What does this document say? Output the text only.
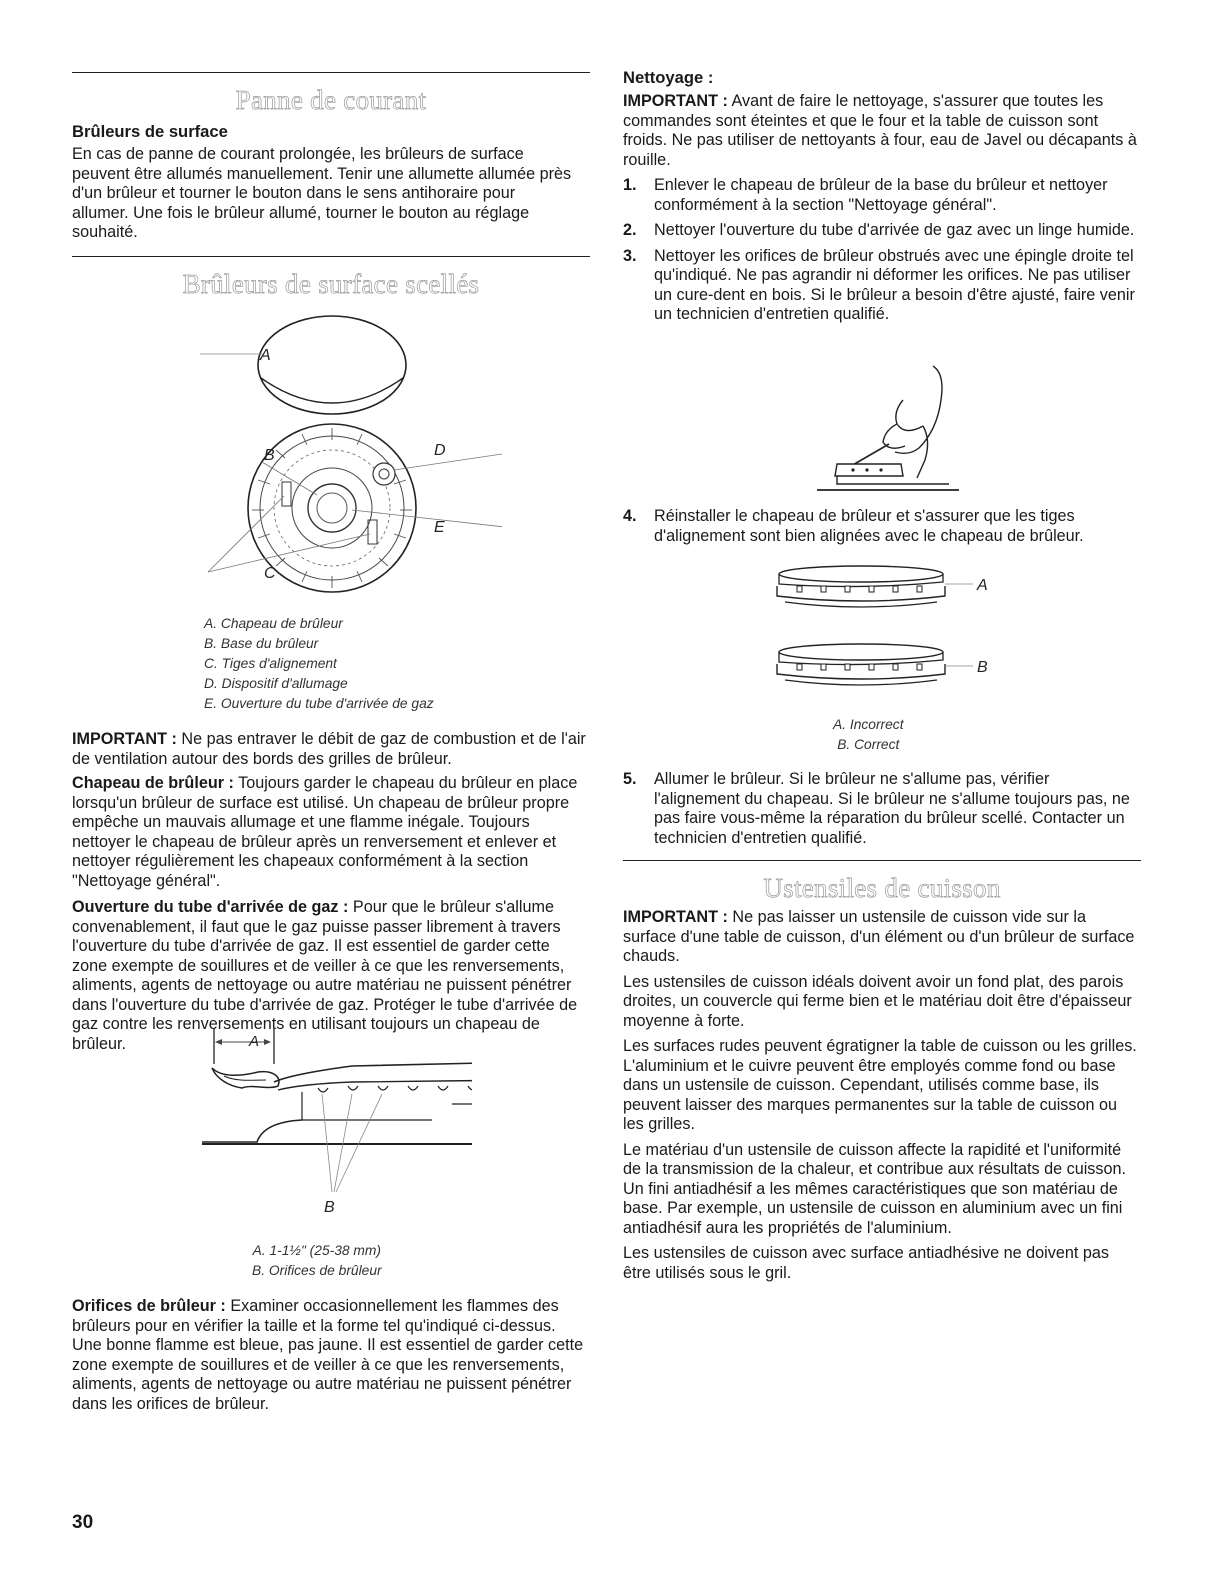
Panne de courant

Brûleurs de surface

En cas de panne de courant prolongée, les brûleurs de surface peuvent être allumés manuellement. Tenir une allumette allumée près d'un brûleur et tourner le bouton dans le sens antihoraire pour allumer. Une fois le brûleur allumé, tourner le bouton au réglage souhaité.

Brûleurs de surface scellés
A
B
C
D
E
A. Chapeau de brûleur
B. Base du brûleur
C. Tiges d'alignement
D. Dispositif d'allumage
E. Ouverture du tube d'arrivée de gaz

IMPORTANT : Ne pas entraver le débit de gaz de combustion et de l'air de ventilation autour des bords des grilles de brûleur.

Chapeau de brûleur : Toujours garder le chapeau du brûleur en place lorsqu'un brûleur de surface est utilisé. Un chapeau de brûleur propre empêche un mauvais allumage et une flamme inégale. Toujours nettoyer le chapeau de brûleur après un renversement et enlever et nettoyer régulièrement les chapeaux conformément à la section "Nettoyage général".

Ouverture du tube d'arrivée de gaz : Pour que le brûleur s'allume convenablement, il faut que le gaz puisse passer librement à travers l'ouverture du tube d'arrivée de gaz. Il est essentiel de garder cette zone exempte de souillures et de veiller à ce que les renversements, aliments, agents de nettoyage ou autre matériau ne puissent pénétrer dans l'ouverture du tube d'arrivée de gaz. Protéger le tube d'arrivée de gaz contre les renversements en utilisant toujours un chapeau de brûleur.	A
B
A. 1-1½" (25-38 mm)
B. Orifices de brûleur

Orifices de brûleur : Examiner occasionnellement les flammes des brûleurs pour en vérifier la taille et la forme tel qu'indiqué ci-dessus. Une bonne flamme est bleue, pas jaune. Il est essentiel de garder cette zone exempte de souillures et de veiller à ce que les renversements, aliments, agents de nettoyage ou autre matériau ne puissent pénétrer dans les orifices de brûleur.

Nettoyage :

IMPORTANT : Avant de faire le nettoyage, s'assurer que toutes les commandes sont éteintes et que le four et la table de cuisson sont froids. Ne pas utiliser de nettoyants à four, eau de Javel ou décapants à rouille.

1. Enlever le chapeau de brûleur de la base du brûleur et nettoyer conformément à la section "Nettoyage général".

2. Nettoyer l'ouverture du tube d'arrivée de gaz avec un linge humide.

3. Nettoyer les orifices de brûleur obstrués avec une épingle droite tel qu'indiqué. Ne pas agrandir ni déformer les orifices. Ne pas utiliser un cure-dent en bois. Si le brûleur a besoin d'être ajusté, faire venir un technicien d'entretien qualifié.

4. Réinstaller le chapeau de brûleur et s'assurer que les tiges d'alignement sont bien alignées avec le chapeau de brûleur.

A
B
A. Incorrect
B. Correct

5. Allumer le brûleur. Si le brûleur ne s'allume pas, vérifier l'alignement du chapeau. Si le brûleur ne s'allume toujours pas, ne pas faire vous-même la réparation du brûleur scellé. Contacter un technicien d'entretien qualifié.

Ustensiles de cuisson

IMPORTANT : Ne pas laisser un ustensile de cuisson vide sur la surface d'une table de cuisson, d'un élément ou d'un brûleur de surface chauds.

Les ustensiles de cuisson idéals doivent avoir un fond plat, des parois droites, un couvercle qui ferme bien et le matériau doit être d'épaisseur moyenne à forte.

Les surfaces rudes peuvent égratigner la table de cuisson ou les grilles. L'aluminium et le cuivre peuvent être employés comme fond ou base dans un ustensile de cuisson. Cependant, utilisés comme base, ils peuvent laisser des marques permanentes sur la table de cuisson ou les grilles.

Le matériau d'un ustensile de cuisson affecte la rapidité et l'uniformité de la transmission de la chaleur, et contribue aux résultats de cuisson. Un fini antiadhésif a les mêmes caractéristiques que son matériau de base. Par exemple, un ustensile de cuisson en aluminium avec un fini antiadhésif aura les propriétés de l'aluminium.

Les ustensiles de cuisson avec surface antiadhésive ne doivent pas être utilisés sous le gril.

30
